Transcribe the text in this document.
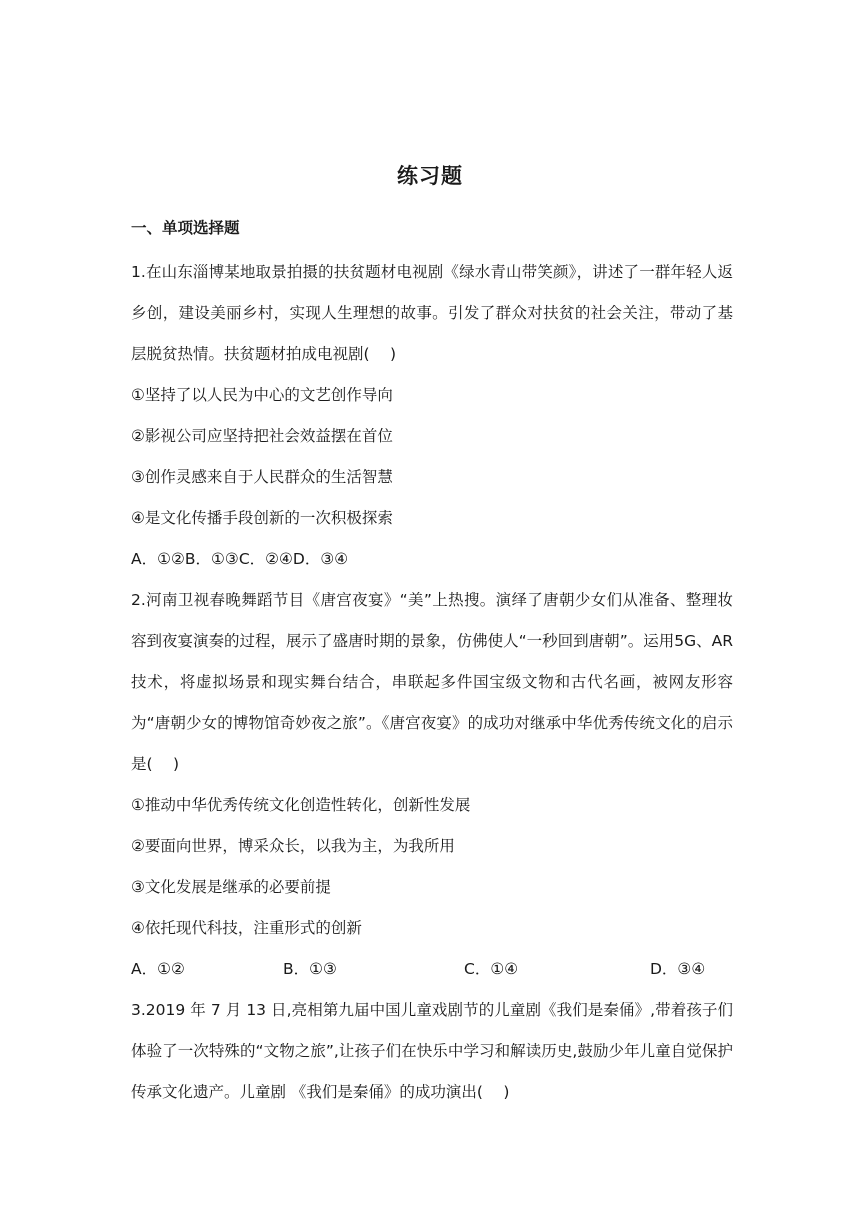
练习题
一、单项选择题

1.在山东淄博某地取景拍摄的扶贫题材电视剧《绿水青山带笑颜》，讲述了一群年轻人返乡创，建设美丽乡村，实现人生理想的故事。引发了群众对扶贫的社会关注，带动了基层脱贫热情。扶贫题材拍成电视剧(　 )

①坚持了以人民为中心的文艺创作导向

②影视公司应坚持把社会效益摆在首位

③创作灵感来自于人民群众的生活智慧

④是文化传播手段创新的一次积极探索

A．①②B．①③C．②④D．③④

2.河南卫视春晚舞蹈节目《唐宫夜宴》“美”上热搜。演绎了唐朝少女们从准备、整理妆容到夜宴演奏的过程，展示了盛唐时期的景象，仿佛使人“一秒回到唐朝”。运用5G、AR 技术，将虚拟场景和现实舞台结合，串联起多件国宝级文物和古代名画，被网友形容为“唐朝少女的博物馆奇妙夜之旅”。《唐宫夜宴》的成功对继承中华优秀传统文化的启示是(　 )

①推动中华优秀传统文化创造性转化，创新性发展

②要面向世界，博采众长，以我为主，为我所用

③文化发展是继承的必要前提

④依托现代科技，注重形式的创新

A．①②	B．①③	C．①④	D．③④

3.2019 年 7 月 13 日,亮相第九届中国儿童戏剧节的儿童剧《我们是秦俑》,带着孩子们体验了一次特殊的“文物之旅”,让孩子们在快乐中学习和解读历史,鼓励少年儿童自觉保护传承文化遗产。儿童剧 《我们是秦俑》的成功演出(　 )
